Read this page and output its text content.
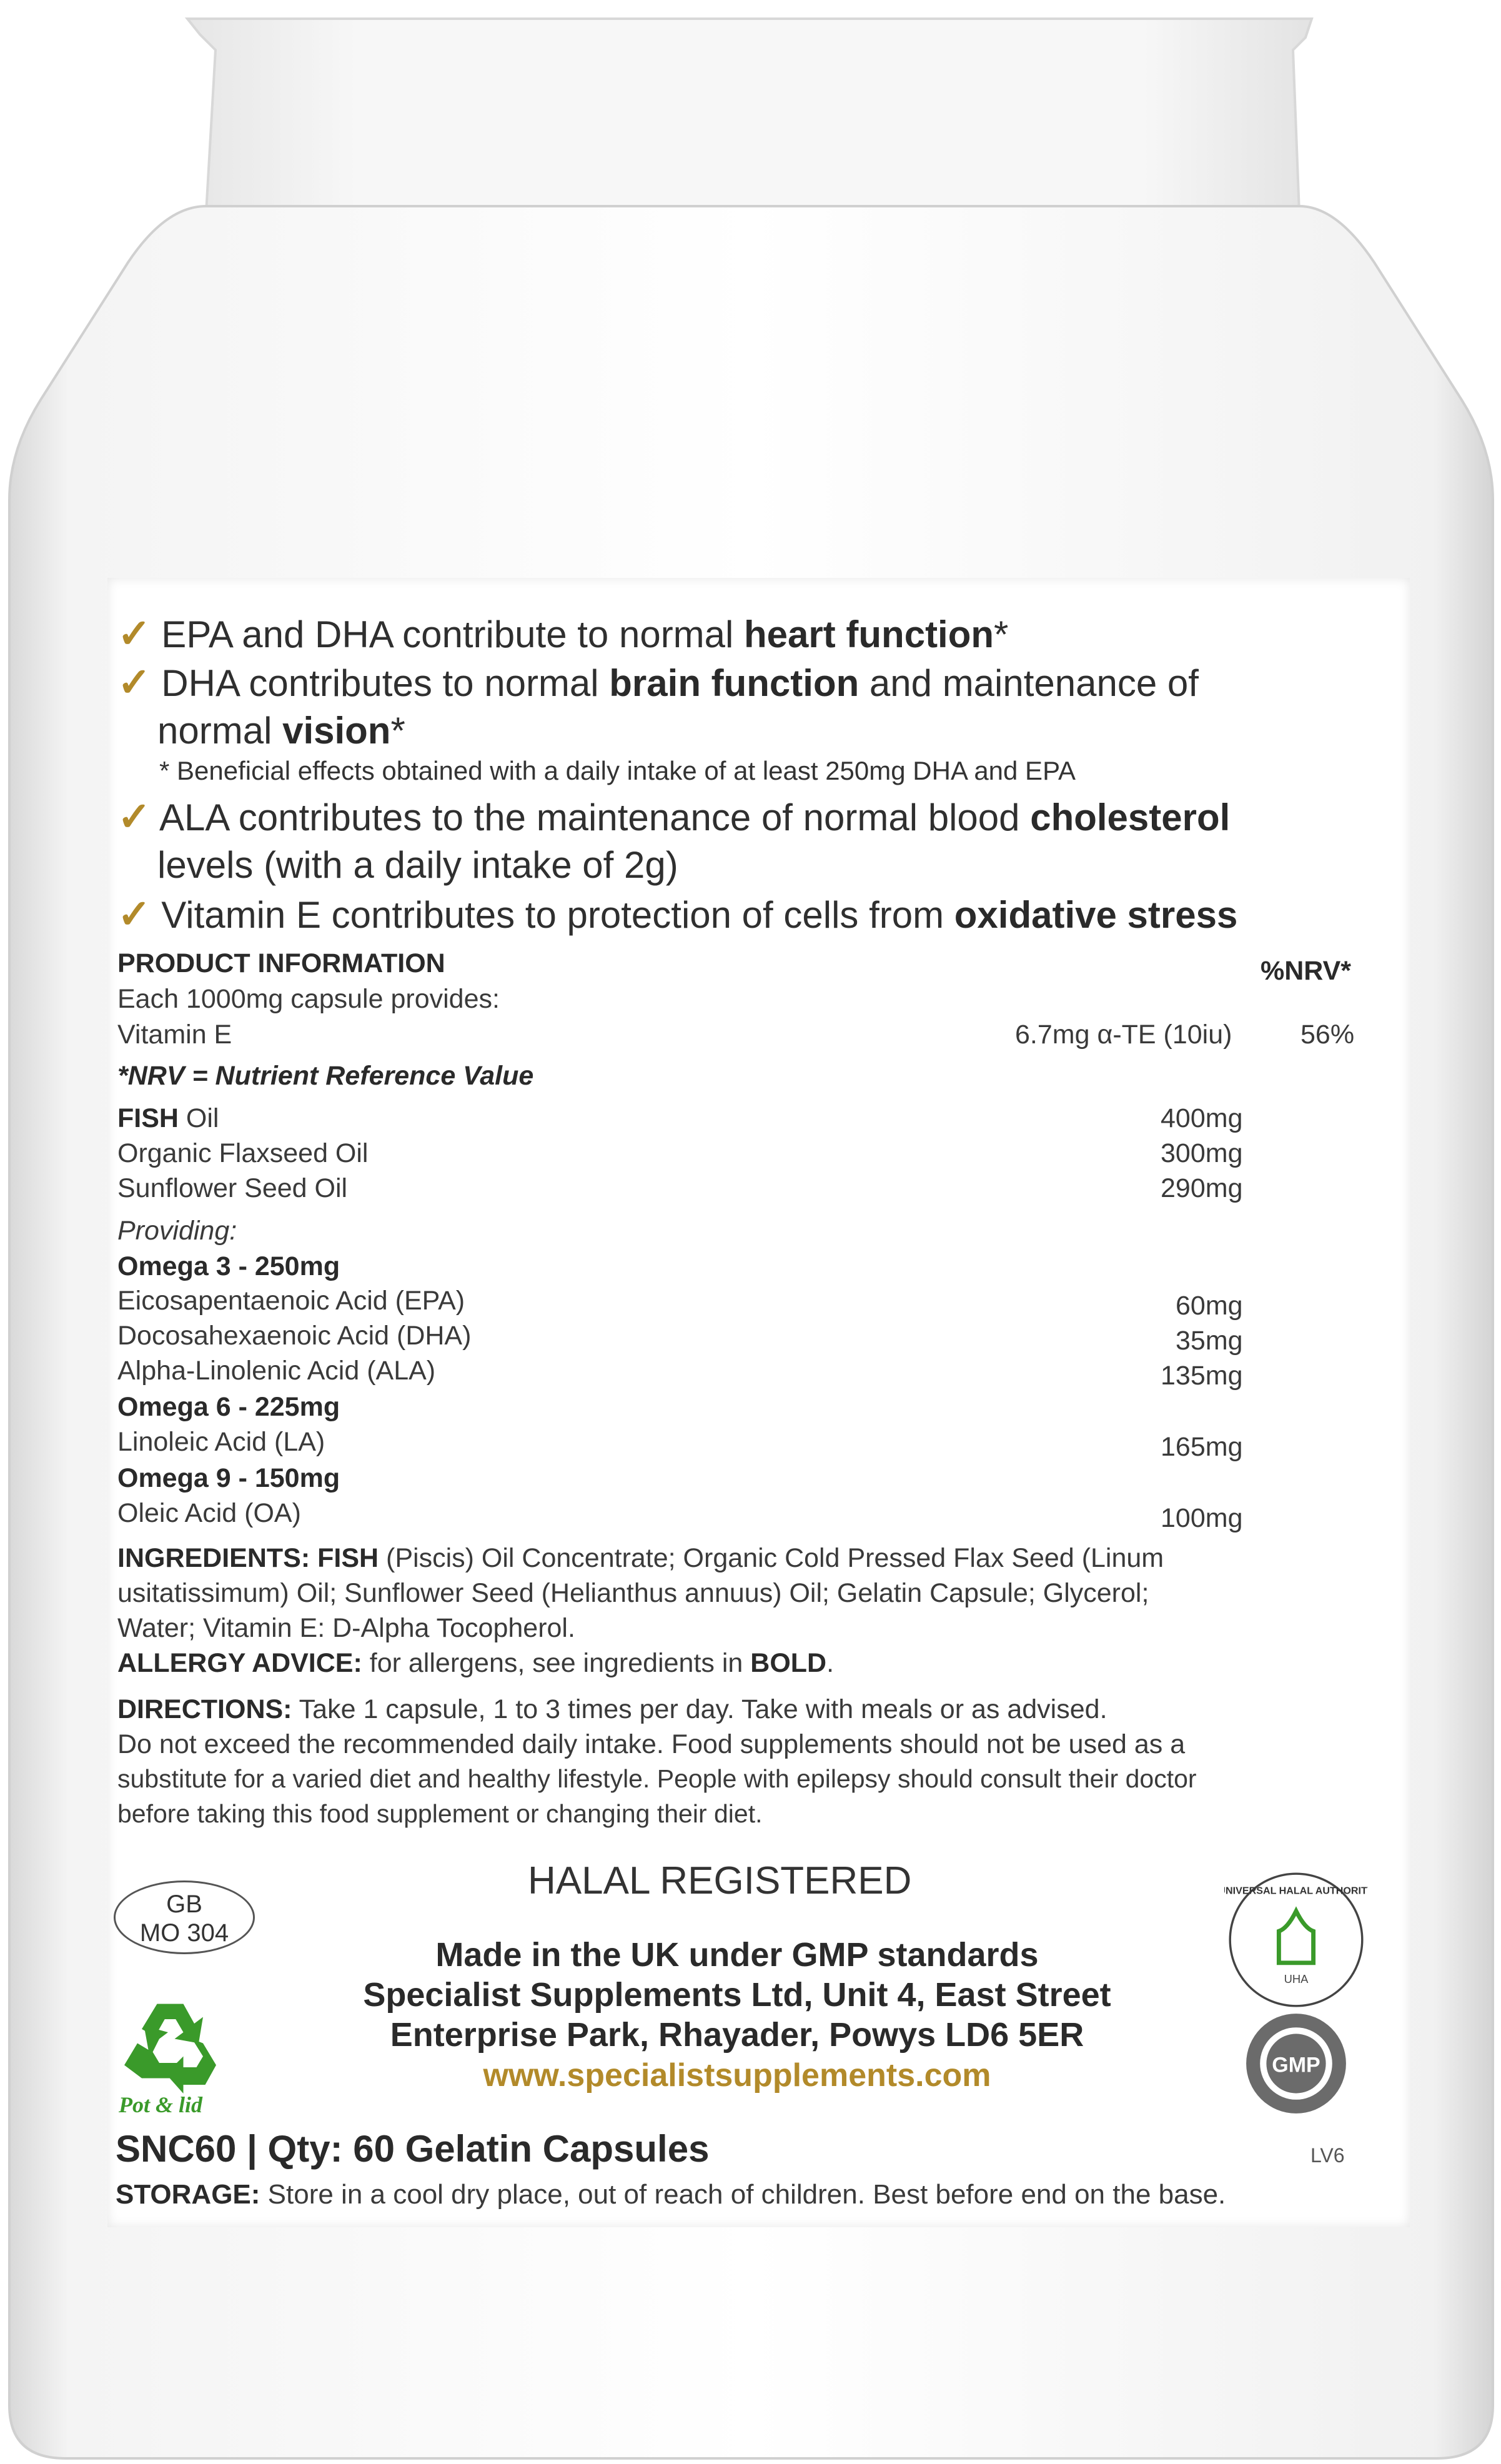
✓ EPA and DHA contribute to normal heart function*
✓ DHA contributes to normal brain function and maintenance of
normal vision*
* Beneficial effects obtained with a daily intake of at least 250mg DHA and EPA
✓ ALA contributes to the maintenance of normal blood cholesterol
levels (with a daily intake of 2g)
✓ Vitamin E contributes to protection of cells from oxidative stress
PRODUCT INFORMATION	%NRV*
Each 1000mg capsule provides:
Vitamin E	6.7mg α-TE (10iu)	56%
*NRV = Nutrient Reference Value
FISH Oil	400mg
Organic Flaxseed Oil	300mg
Sunflower Seed Oil	290mg
Providing:
Omega 3 - 250mg
Eicosapentaenoic Acid (EPA)	60mg
Docosahexaenoic Acid (DHA)	35mg
Alpha-Linolenic Acid (ALA)	135mg
Omega 6 - 225mg
Linoleic Acid (LA)	165mg
Omega 9 - 150mg
Oleic Acid (OA)	100mg
INGREDIENTS: FISH (Piscis) Oil Concentrate; Organic Cold Pressed Flax Seed (Linum
usitatissimum) Oil; Sunflower Seed (Helianthus annuus) Oil; Gelatin Capsule; Glycerol;
Water; Vitamin E: D-Alpha Tocopherol.
ALLERGY ADVICE: for allergens, see ingredients in BOLD.
DIRECTIONS: Take 1 capsule, 1 to 3 times per day. Take with meals or as advised.
Do not exceed the recommended daily intake. Food supplements should not be used as a
substitute for a varied diet and healthy lifestyle. People with epilepsy should consult their doctor
before taking this food supplement or changing their diet.
HALAL REGISTERED
GB
MO 304
Made in the UK under GMP standards
Specialist Supplements Ltd, Unit 4, East Street
Enterprise Park, Rhayader, Powys LD6 5ER
www.specialistsupplements.com
Pot & lid
UHA
UNIVERSAL HALAL AUTHORITY
GMP
SNC60 | Qty: 60 Gelatin Capsules	LV6
STORAGE: Store in a cool dry place, out of reach of children. Best before end on the base.
